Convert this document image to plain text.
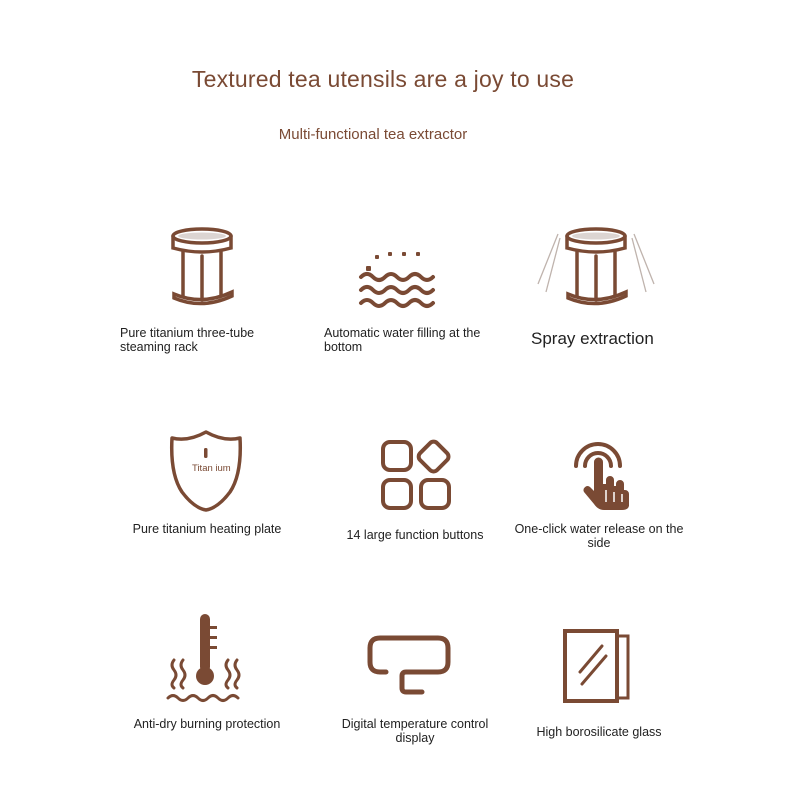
Textured tea utensils are a joy to use
Multi-functional tea extractor
Pure titanium three-tube steaming rack
Automatic water filling at the bottom	Spray extraction
Titan ium
Pure titanium heating plate	14 large function buttons	One-click water release on the side
Anti-dry burning protection	Digital temperature control display	High borosilicate glass
